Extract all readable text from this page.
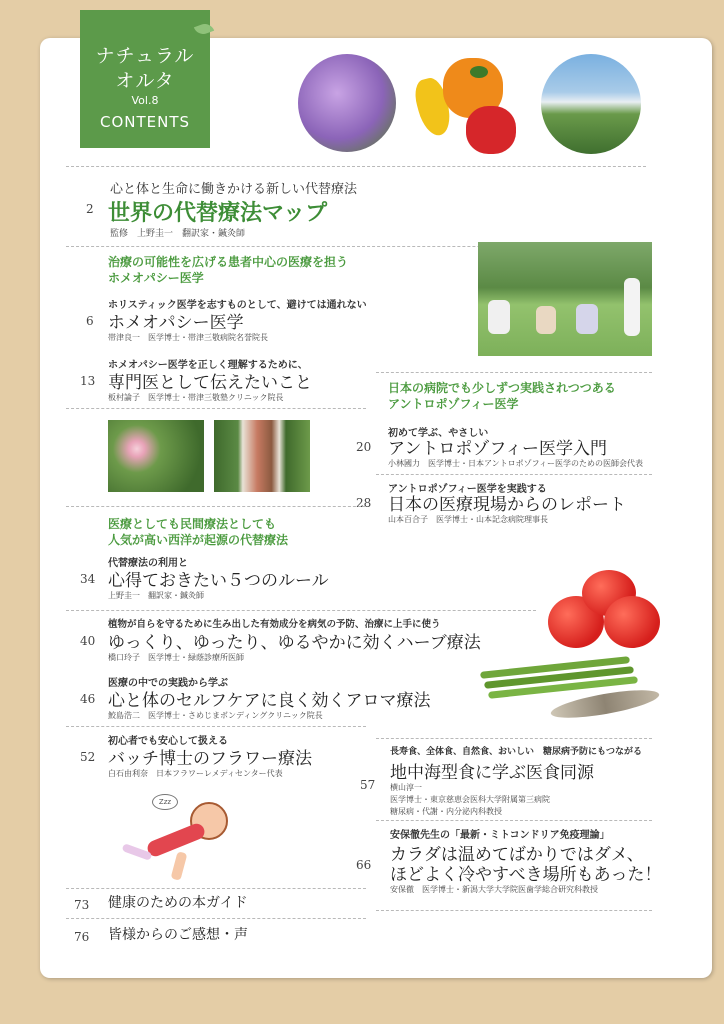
ナチュラル
オルタ
Vol.8
CONTENTS
心と体と生命に働きかける新しい代替療法
2 世界の代替療法マップ
監修　上野圭一　翻訳家・鍼灸師
治療の可能性を広げる患者中心の医療を担う
ホメオパシー医学
ホリスティック医学を志すものとして、避けては通れない
6 ホメオパシー医学
帯津良一　医学博士・帯津三敬病院名誉院長
ホメオパシー医学を正しく理解するために、
13 専門医として伝えたいこと
板村論子　医学博士・帯津三敬塾クリニック院長
日本の病院でも少しずつ実践されつつある
アントロポゾフィー医学
初めて学ぶ、やさしい
20 アントロポゾフィー医学入門
小林國力　医学博士・日本アントロポゾフィー医学のための医師会代表
アントロポゾフィー医学を実践する
28 日本の医療現場からのレポート
山本百合子　医学博士・山本記念病院理事長
医療としても民間療法としても
人気が高い西洋が起源の代替療法
代替療法の利用と
34 心得ておきたい５つのルール
上野圭一　翻訳家・鍼灸師
植物が自らを守るために生み出した有効成分を病気の予防、治療に上手に使う
40 ゆっくり、ゆったり、ゆるやかに効くハーブ療法
橋口玲子　医学博士・緑蔭診療所医師
医療の中での実践から学ぶ
46 心と体のセルフケアに良く効くアロマ療法
鮫島浩二　医学博士・さめじまボンディングクリニック院長
初心者でも安心して扱える
52 バッチ博士のフラワー療法
白石由利奈　日本フラワーレメディセンター代表
長寿食、全体食、自然食、おいしい　糖尿病予防にもつながる
57
地中海型食に学ぶ医食同源
横山淳一
医学博士・東京慈恵会医科大学附属第三病院
糖尿病・代謝・内分泌内科教授
Zzz
安保徹先生の「最新・ミトコンドリア免疫理論」
66 カラダは温めてばかりではダメ、
ほどよく冷やすべき場所もあった！
安保徹　医学博士・新潟大学大学院医歯学総合研究科教授
73 健康のための本ガイド
76 皆様からのご感想・声
